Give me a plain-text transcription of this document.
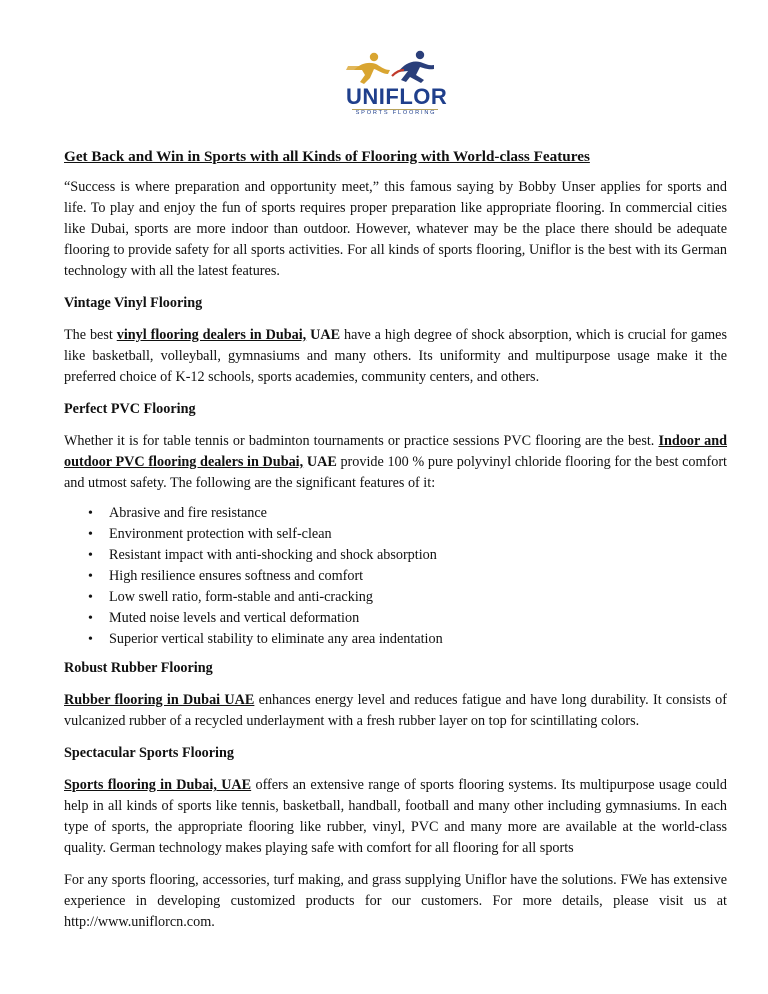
UNIFLOR
SPORTS FLOORING
Get Back and Win in Sports with all Kinds of Flooring with World-class Features

“Success is where preparation and opportunity meet,” this famous saying by Bobby Unser applies for sports and life. To play and enjoy the fun of sports requires proper preparation like appropriate flooring. In commercial cities like Dubai, sports are more indoor than outdoor. However, whatever may be the place there should be adequate flooring to provide safety for all sports activities. For all kinds of sports flooring, Uniflor is the best with its German technology with all the latest features.

Vintage Vinyl Flooring

The best vinyl flooring dealers in Dubai, UAE have a high degree of shock absorption, which is crucial for games like basketball, volleyball, gymnasiums and many others. Its uniformity and multipurpose usage make it the preferred choice of K-12 schools, sports academies, community centers, and others.

Perfect PVC Flooring

Whether it is for table tennis or badminton tournaments or practice sessions PVC flooring are the best. Indoor and outdoor PVC flooring dealers in Dubai, UAE provide 100 % pure polyvinyl chloride flooring for the best comfort and utmost safety. The following are the significant features of it:

• Abrasive and fire resistance
• Environment protection with self-clean
• Resistant impact with anti-shocking and shock absorption
• High resilience ensures softness and comfort
• Low swell ratio, form-stable and anti-cracking
• Muted noise levels and vertical deformation
• Superior vertical stability to eliminate any area indentation
Robust Rubber Flooring

Rubber flooring in Dubai UAE enhances energy level and reduces fatigue and have long durability. It consists of vulcanized rubber of a recycled underlayment with a fresh rubber layer on top for scintillating colors.

Spectacular Sports Flooring

Sports flooring in Dubai, UAE offers an extensive range of sports flooring systems. Its multipurpose usage could help in all kinds of sports like tennis, basketball, handball, football and many other including gymnasiums. In each type of sports, the appropriate flooring like rubber, vinyl, PVC and many more are available at the world-class quality. German technology makes playing safe with comfort for all flooring for all sports

For any sports flooring, accessories, turf making, and grass supplying Uniflor have the solutions. FWe has extensive experience in developing customized products for our customers. For more details, please visit us at http://www.uniflorcn.com.
